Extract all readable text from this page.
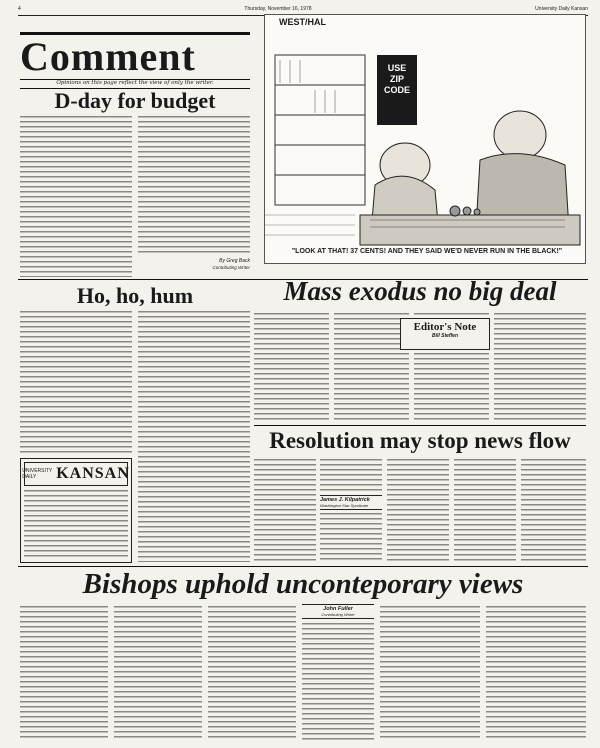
4	Thursday, November 16, 1978	University Daily Kansan
Comment
Opinions on this page reflect the view of only the writer.
D-day for budget
By Greg Back
Contributing Writer
WEST/HAL
USE ZIP CODE
"LOOK AT THAT! 37 CENTS! AND THEY SAID WE'D NEVER RUN IN THE BLACK!"
Ho, ho, hum	Mass exodus no big deal
Editor's Note
Bill Steffen
UNIVERSITY DAILY	KANSAN
Resolution may stop news flow
James J. Kilpatrick
Washington Star Syndicate
Bishops uphold unconteporary views
John Fuller
Contributing Writer
